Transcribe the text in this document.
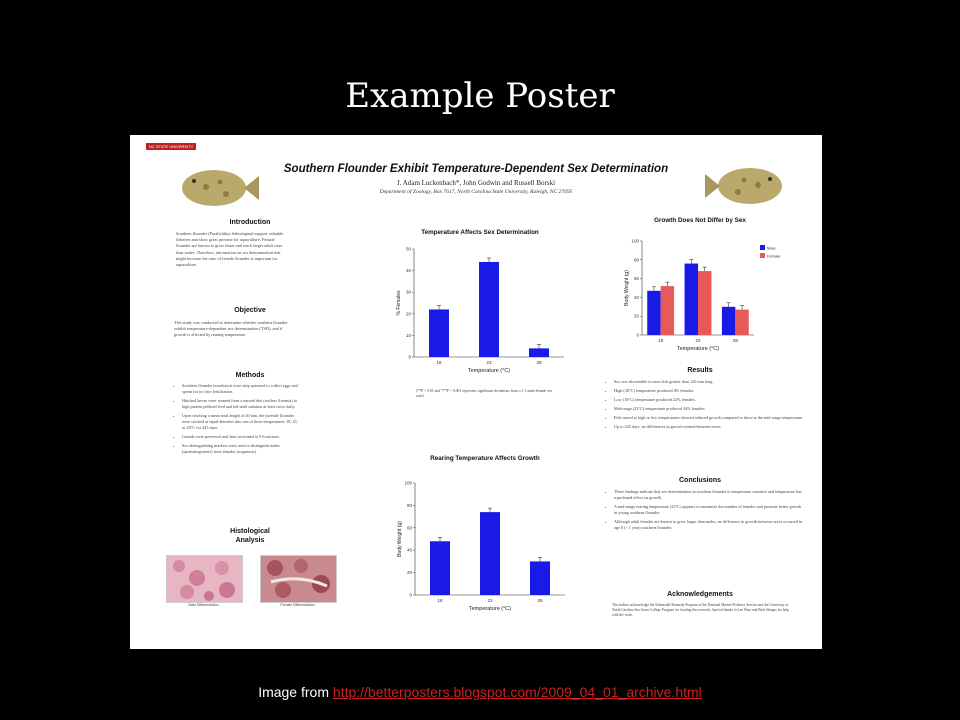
Example Poster
NC STATE UNIVERSITY
Southern Flounder Exhibit Temperature-Dependent Sex Determination
J. Adam Luckenbach*, John Godwin and Russell Borski
Department of Zoology, Box 7617, North Carolina State University, Raleigh, NC 27695
Introduction
Southern flounder (Paralichthys lethostigma) support valuable fisheries and show great promise for aquaculture. Female flounder are known to grow faster and reach larger adult sizes than males. Therefore, information on sex determination that might increase the ratio of female flounder is important for aquaculture.
Objective
This study was conducted to determine whether southern flounder exhibit temperature-dependent sex determination (TSD), and if growth is affected by rearing temperature.
Methods
• Southern flounder broodstock were strip spawned to collect eggs and sperm for in vitro fertilization.
• Hatched larvae were weaned from a natural diet (rotifers Artemia) to high protein pelleted feed and fed until satiation at least twice daily.
• Upon reaching a mean total length of 40 mm, the juvenile flounder were stocked at equal densities into one of three temperatures 18, 23, or 28°C for 245 days.
• Gonads were preserved and later sectioned at 5-6 microns.
• Sex distinguishing markers were used to distinguish males (spermatogenesis) from females (oogenesis).
Histological
Analysis
Male Differentiation	Female Differentiation
Temperature Affects Sex Determination
0
10
20
30
40
50
18	23	28
Temperature (°C)
% Females
(**P < 0.01 and ***P < 0.001 represent significant deviations from a 1:1 male:female sex ratio)
Rearing Temperature Affects Growth
0
20
40
60
80
100
18	23	28
Temperature (°C)
Body Weight (g)
Growth Does Not Differ by Sex
0
20
40
60
80
100
18	23	28
Temperature (°C)
Body Weight (g)
Male
Female
Results
• Sex was discernible in most fish greater than 120 mm long.
• High (28°C) temperature produced 4% females.
• Low (18°C) temperature produced 22% females.
• Mid-range (23°C) temperature produced 44% females.
• Fish reared at high or low temperatures showed reduced growth compared to those at the mid-range temperature.
• Up to 245 days, no differences in growth existed between sexes.
Conclusions
• These findings indicate that sex determination in southern flounder is temperature sensitive and temperature has a profound effect on growth.
• A mid-range rearing temperature (23°C) appears to maximize the number of females and promote better growth in young southern flounder.
• Although adult females are known to grow larger than males, no difference in growth between sexes occurred in age 0 (< 1 year) southern flounder.
Acknowledgements
The authors acknowledge the Saltonstall-Kennedy Program of the National Marine Fisheries Service and the University of North Carolina Sea Grant College Program for funding this research. Special thanks to Lee Ware and Beth Shimps for help with the work.
Image from http://betterposters.blogspot.com/2009_04_01_archive.html
